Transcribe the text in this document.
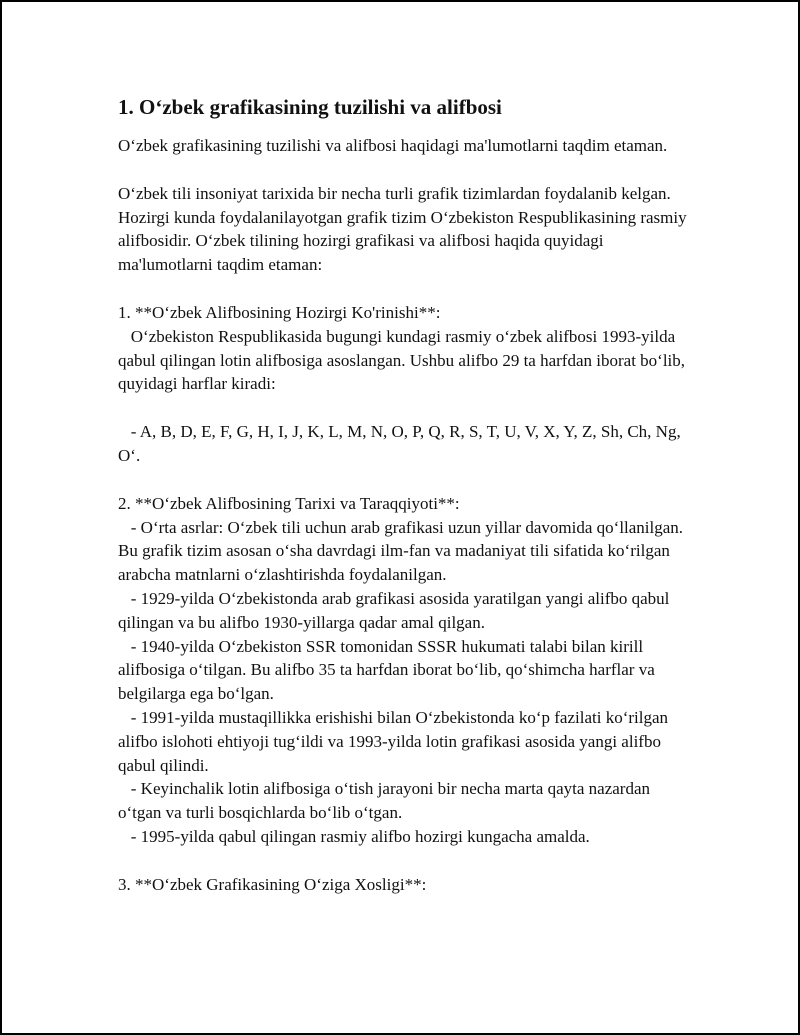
1. O‘zbek grafikasining tuzilishi va alifbosi

O‘zbek grafikasining tuzilishi va alifbosi haqidagi ma'lumotlarni taqdim etaman.

O‘zbek tili insoniyat tarixida bir necha turli grafik tizimlardan foydalanib kelgan. Hozirgi kunda foydalanilayotgan grafik tizim O‘zbekiston Respublikasining rasmiy alifbosidir. O‘zbek tilining hozirgi grafikasi va alifbosi haqida quyidagi ma'lumotlarni taqdim etaman:

1. **O‘zbek Alifbosining Hozirgi Ko'rinishi**:
O‘zbekiston Respublikasida bugungi kundagi rasmiy o‘zbek alifbosi 1993-yilda qabul qilingan lotin alifbosiga asoslangan. Ushbu alifbo 29 ta harfdan iborat bo‘lib, quyidagi harflar kiradi:

- A, B, D, E, F, G, H, I, J, K, L, M, N, O, P, Q, R, S, T, U, V, X, Y, Z, Sh, Ch, Ng, O‘.

2. **O‘zbek Alifbosining Tarixi va Taraqqiyoti**:
- O‘rta asrlar: O‘zbek tili uchun arab grafikasi uzun yillar davomida qo‘llanilgan. Bu grafik tizim asosan o‘sha davrdagi ilm-fan va madaniyat tili sifatida ko‘rilgan arabcha matnlarni o‘zlashtirishda foydalanilgan.
- 1929-yilda O‘zbekistonda arab grafikasi asosida yaratilgan yangi alifbo qabul qilingan va bu alifbo 1930-yillarga qadar amal qilgan.
- 1940-yilda O‘zbekiston SSR tomonidan SSSR hukumati talabi bilan kirill alifbosiga o‘tilgan. Bu alifbo 35 ta harfdan iborat bo‘lib, qo‘shimcha harflar va belgilarga ega bo‘lgan.
- 1991-yilda mustaqillikka erishishi bilan O‘zbekistonda ko‘p fazilati ko‘rilgan alifbo islohoti ehtiyoji tug‘ildi va 1993-yilda lotin grafikasi asosida yangi alifbo qabul qilindi.
- Keyinchalik lotin alifbosiga o‘tish jarayoni bir necha marta qayta nazardan o‘tgan va turli bosqichlarda bo‘lib o‘tgan.
- 1995-yilda qabul qilingan rasmiy alifbo hozirgi kungacha amalda.

3. **O‘zbek Grafikasining O‘ziga Xosligi**:
